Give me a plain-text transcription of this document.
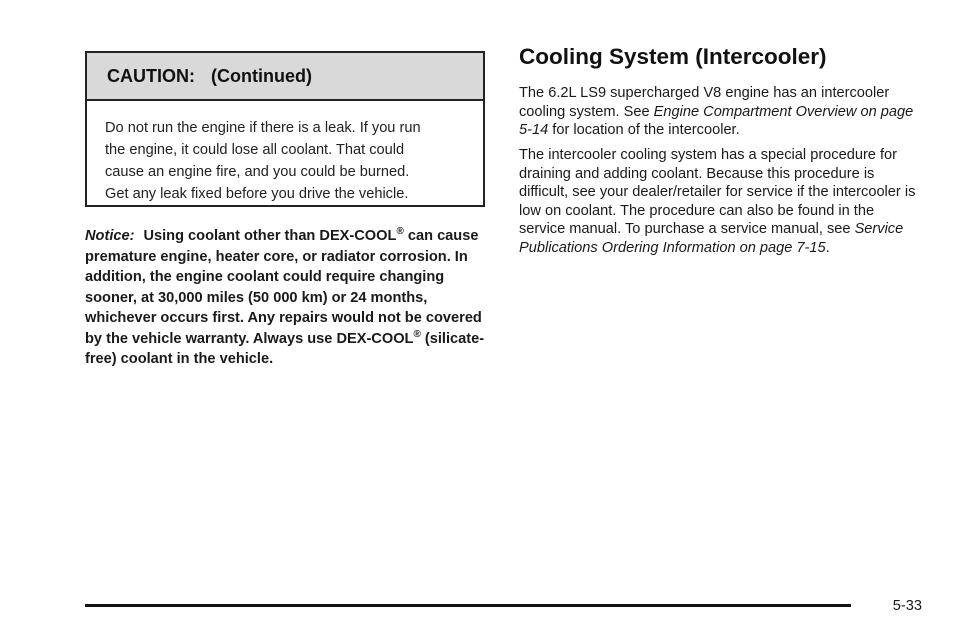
CAUTION: (Continued)
Do not run the engine if there is a leak. If you run
the engine, it could lose all coolant. That could
cause an engine fire, and you could be burned.
Get any leak fixed before you drive the vehicle.
Notice: Using coolant other than DEX-COOL® can cause premature engine, heater core, or radiator corrosion. In addition, the engine coolant could require changing sooner, at 30,000 miles (50 000 km) or 24 months, whichever occurs first. Any repairs would not be covered by the vehicle warranty. Always use DEX-COOL® (silicate-free) coolant in the vehicle.
Cooling System (Intercooler)

The 6.2L LS9 supercharged V8 engine has an intercooler cooling system. See Engine Compartment Overview on page 5-14 for location of the intercooler.

The intercooler cooling system has a special procedure for draining and adding coolant. Because this procedure is difficult, see your dealer/retailer for service if the intercooler is low on coolant. The procedure can also be found in the service manual. To purchase a service manual, see Service Publications Ordering Information on page 7-15.

5-33
